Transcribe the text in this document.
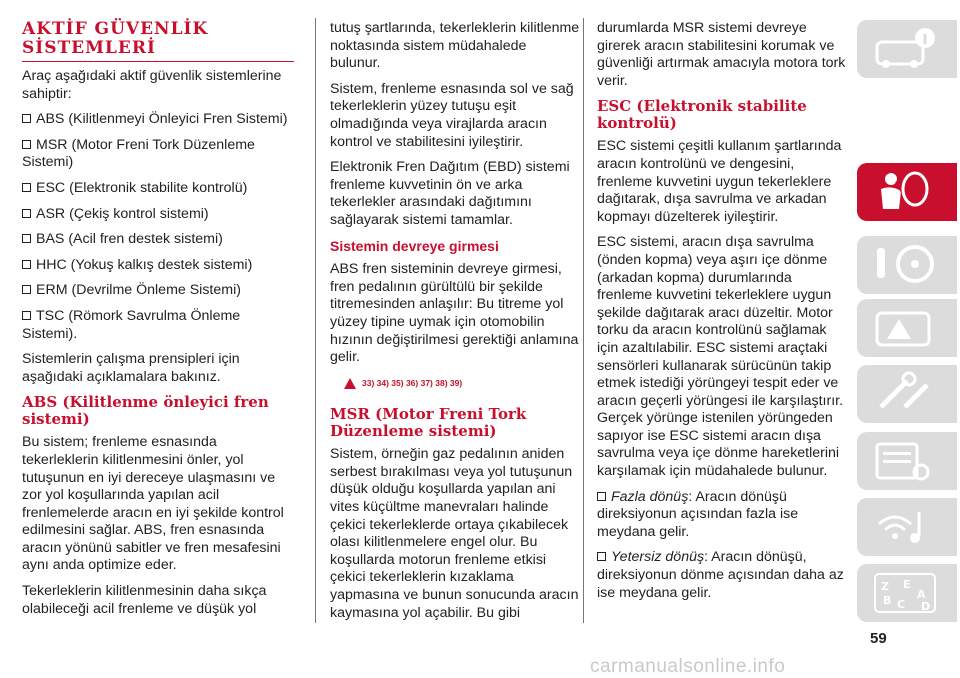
AKTİF GÜVENLİK SİSTEMLERİ

Araç aşağıdaki aktif güvenlik sistemlerine sahiptir:

ABS (Kilitlenmeyi Önleyici Fren Sistemi)

MSR (Motor Freni Tork Düzenleme Sistemi)

ESC (Elektronik stabilite kontrolü)

ASR (Çekiş kontrol sistemi)

BAS (Acil fren destek sistemi)

HHC (Yokuş kalkış destek sistemi)

ERM (Devrilme Önleme Sistemi)

TSC (Römork Savrulma Önleme Sistemi).

Sistemlerin çalışma prensipleri için aşağıdaki açıklamalara bakınız.

ABS (Kilitlenme önleyici fren sistemi)

Bu sistem; frenleme esnasında tekerleklerin kilitlenmesini önler, yol tutuşunun en iyi dereceye ulaşmasını ve zor yol koşullarında yapılan acil frenlemelerde aracın en iyi şekilde kontrol edilmesini sağlar. ABS, fren esnasında aracın yönünü sabitler ve fren mesafesini aynı anda optimize eder.

Tekerleklerin kilitlenmesinin daha sıkça olabileceği acil frenleme ve düşük yol

tutuş şartlarında, tekerleklerin kilitlenme noktasında sistem müdahalede bulunur.

Sistem, frenleme esnasında sol ve sağ tekerleklerin yüzey tutuşu eşit olmadığında veya virajlarda aracın kontrol ve stabilitesini iyileştirir.

Elektronik Fren Dağıtım (EBD) sistemi frenleme kuvvetinin ön ve arka tekerlekler arasındaki dağıtımını sağlayarak sistemi tamamlar.

Sistemin devreye girmesi

ABS fren sisteminin devreye girmesi, fren pedalının gürültülü bir şekilde titremesinden anlaşılır: Bu titreme yol yüzey tipine uymak için otomobilin hızının değiştirilmesi gerektiği anlamına gelir.

33) 34) 35) 36) 37) 38) 39)
MSR (Motor Freni Tork Düzenleme sistemi)

Sistem, örneğin gaz pedalının aniden serbest bırakılması veya yol tutuşunun düşük olduğu koşullarda yapılan ani vites küçültme manevraları halinde çekici tekerleklerde ortaya çıkabilecek olası kilitlenmelere engel olur. Bu koşullarda motorun frenleme etkisi çekici tekerleklerin kızaklama yapmasına ve bunun sonucunda aracın kaymasına yol açabilir. Bu gibi

durumlarda MSR sistemi devreye girerek aracın stabilitesini korumak ve güvenliği artırmak amacıyla motora tork verir.

ESC (Elektronik stabilite kontrolü)

ESC sistemi çeşitli kullanım şartlarında aracın kontrolünü ve dengesini, frenleme kuvvetini uygun tekerleklere dağıtarak, dışa savrulma ve arkadan kopmayı düzelterek iyileştirir.

ESC sistemi, aracın dışa savrulma (önden kopma) veya aşırı içe dönme (arkadan kopma) durumlarında frenleme kuvvetini tekerleklere uygun şekilde dağıtarak aracı düzeltir. Motor torku da aracın kontrolünü sağlamak için azaltılabilir. ESC sistemi araçtaki sensörleri kullanarak sürücünün takip etmek istediği yörüngeyi tespit eder ve aracın geçerli yörüngesi ile karşılaştırır. Gerçek yörünge istenilen yörüngeden sapıyor ise ESC sistemi aracın dışa savrulma veya içe dönme hareketlerini karşılamak için müdahalede bulunur.

Fazla dönüş: Aracın dönüşü direksiyonun açısından fazla ise meydana gelir.

Yetersiz dönüş: Aracın dönüşü, direksiyonun dönme açısından daha az ise meydana gelir.	Z E
A
B C D
59
carmanualsonline.info
